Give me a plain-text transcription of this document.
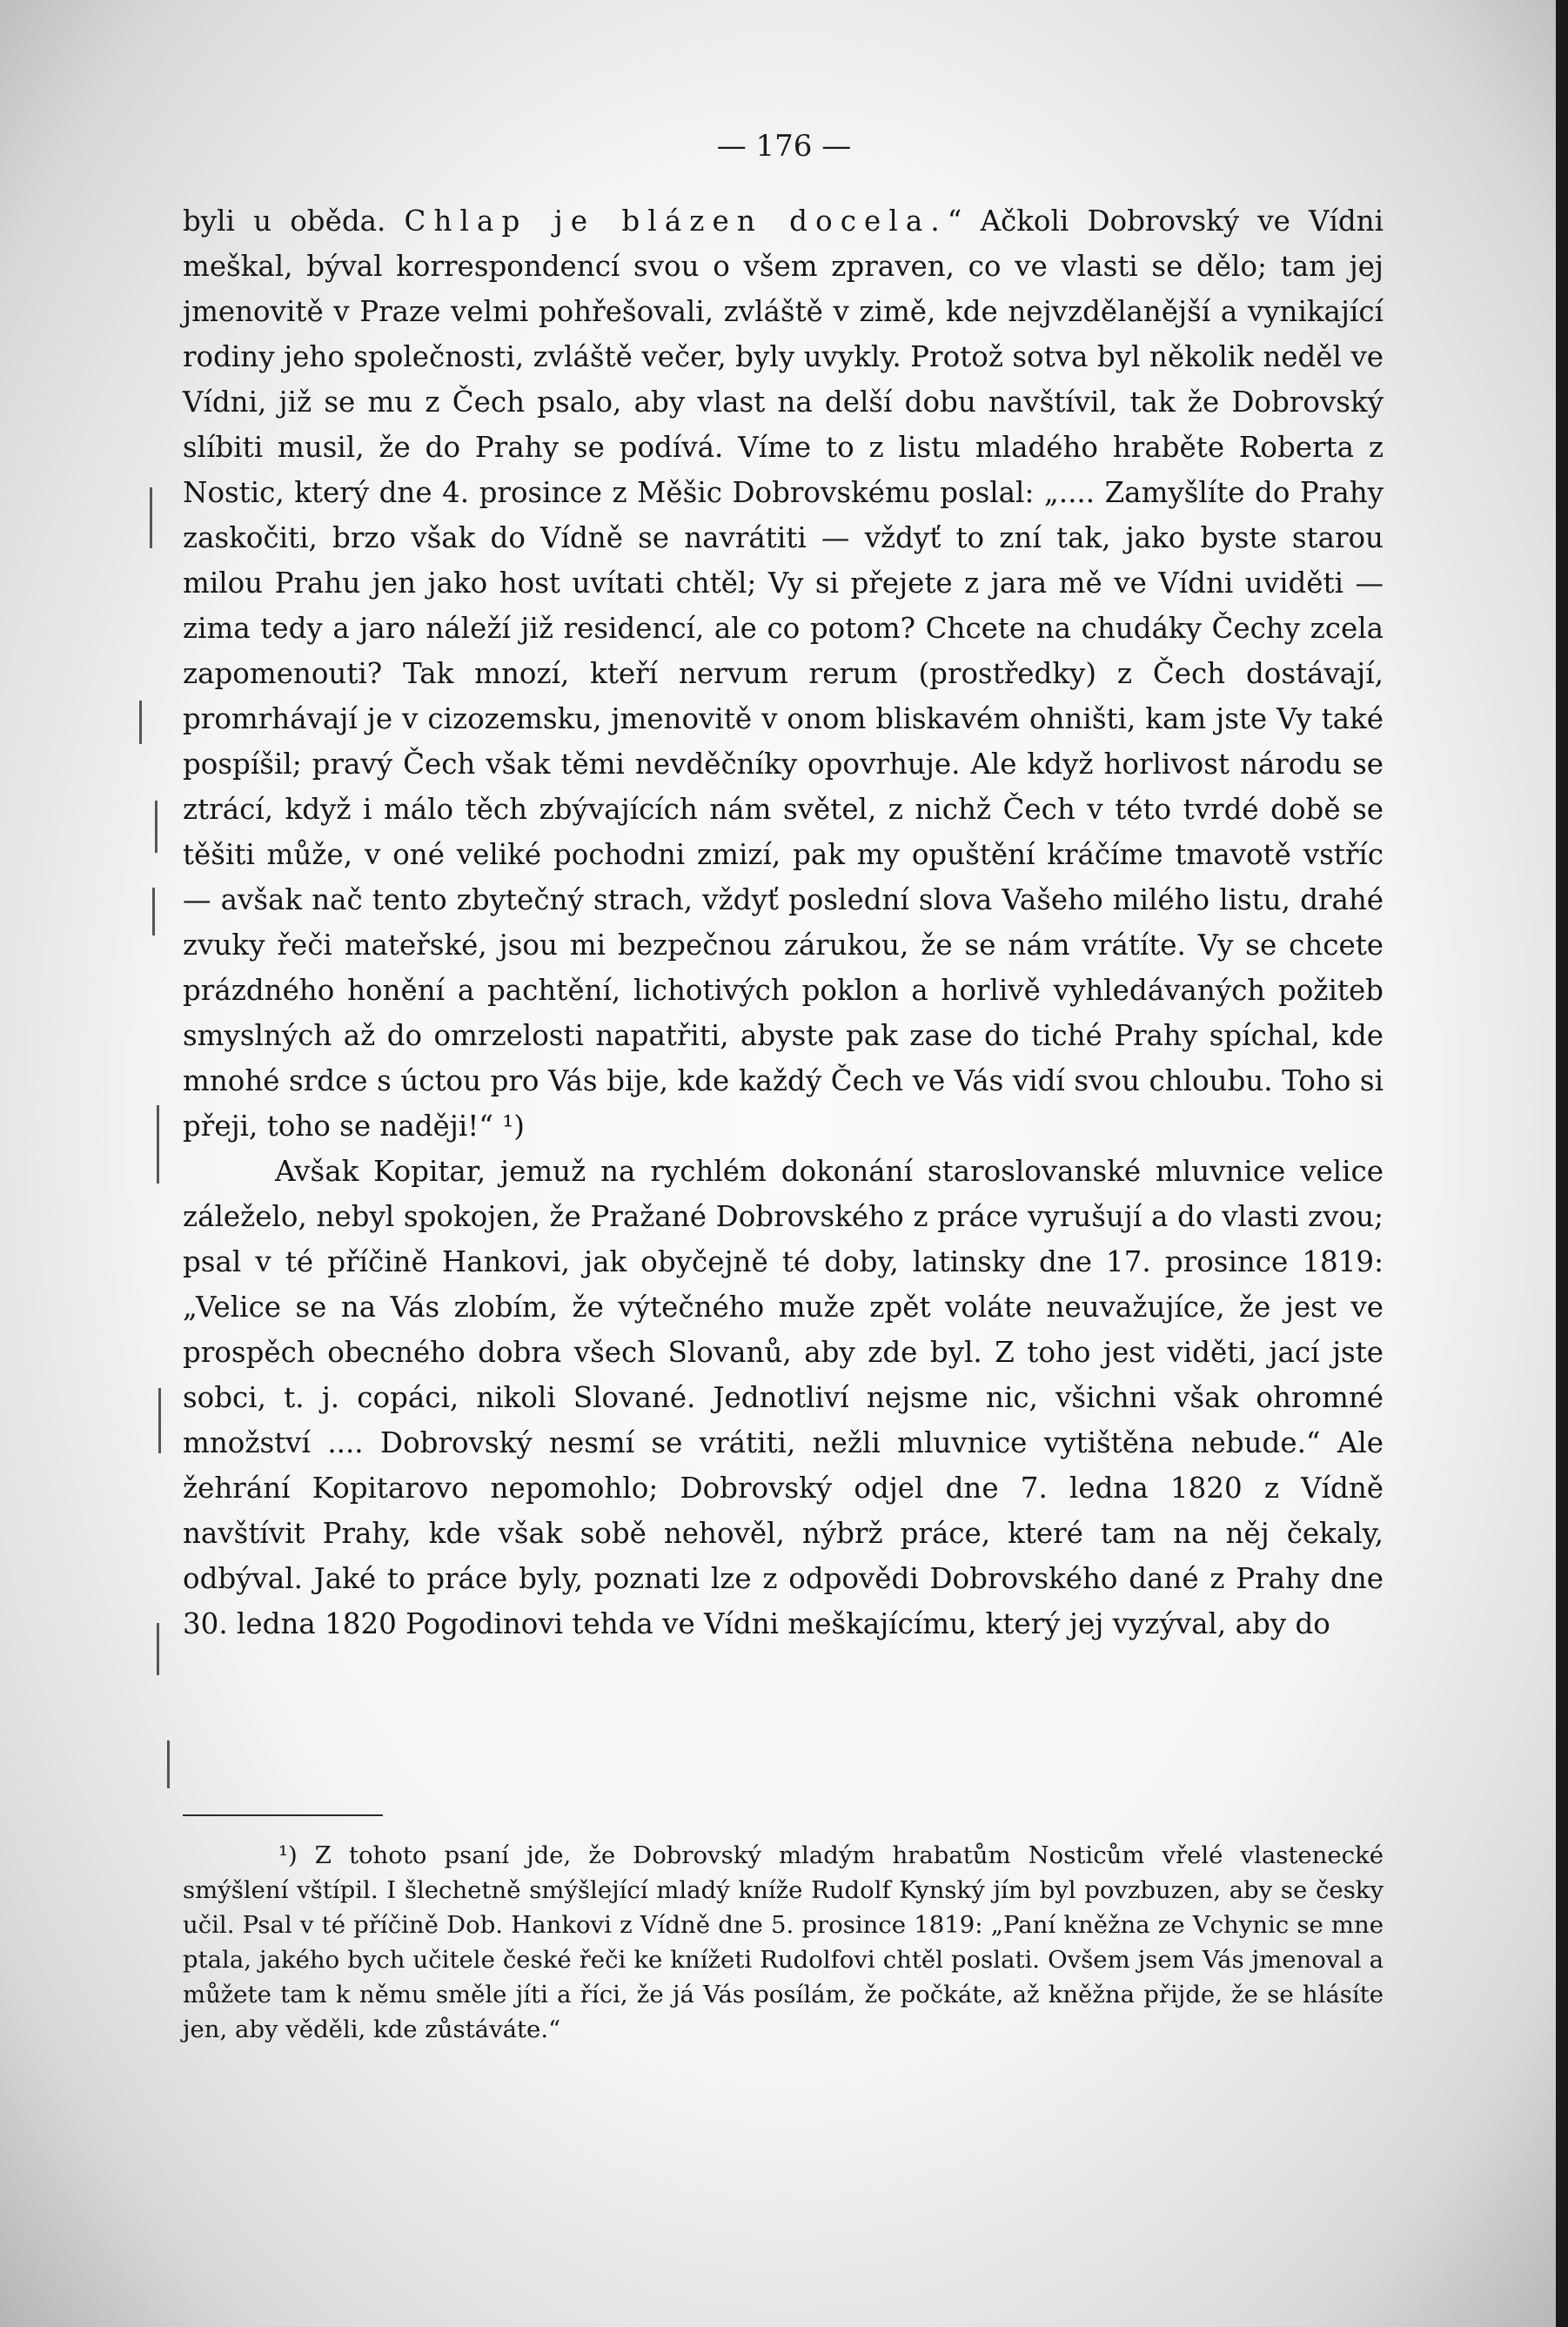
— 176 —

byli u oběda. Chlap je blázen docela.“ Ačkoli Dobrovský ve Vídni meškal, býval korrespondencí svou o všem zpraven, co ve vlasti se dělo; tam jej jmenovitě v Praze velmi pohřešovali, zvláště v zimě, kde nejvzdělanější a vynikající rodiny jeho společnosti, zvláště večer, byly uvykly. Protož sotva byl několik neděl ve Vídni, již se mu z Čech psalo, aby vlast na delší dobu navštívil, tak že Dobrovský slíbiti musil, že do Prahy se podívá. Víme to z listu mladého hraběte Roberta z Nostic, který dne 4. prosince z Měšic Dobrovskému poslal: „.... Zamyšlíte do Prahy zaskočiti, brzo však do Vídně se navrátiti — vždyť to zní tak, jako byste starou milou Prahu jen jako host uvítati chtěl; Vy si přejete z jara mě ve Vídni uviděti — zima tedy a jaro náleží již residencí, ale co potom? Chcete na chudáky Čechy zcela zapomenouti? Tak mnozí, kteří nervum rerum (prostředky) z Čech dostávají, promrhávají je v cizozemsku, jmenovitě v onom bliskavém ohništi, kam jste Vy také pospíšil; pravý Čech však těmi nevděčníky opovrhuje. Ale když horlivost národu se ztrácí, když i málo těch zbývajících nám světel, z nichž Čech v této tvrdé době se těšiti může, v oné veliké pochodni zmizí, pak my opuštění kráčíme tmavotě vstříc — avšak nač tento zbytečný strach, vždyť poslední slova Vašeho milého listu, drahé zvuky řeči mateřské, jsou mi bezpečnou zárukou, že se nám vrátíte. Vy se chcete prázdného honění a pachtění, lichotivých poklon a horlivě vyhledávaných požiteb smyslných až do omrzelosti napatřiti, abyste pak zase do tiché Prahy spíchal, kde mnohé srdce s úctou pro Vás bije, kde každý Čech ve Vás vidí svou chloubu. Toho si přeji, toho se naději!“ ¹)

Avšak Kopitar, jemuž na rychlém dokonání staroslovanské mluvnice velice záleželo, nebyl spokojen, že Pražané Dobrovského z práce vyrušují a do vlasti zvou; psal v té příčině Hankovi, jak obyčejně té doby, latinsky dne 17. prosince 1819: „Velice se na Vás zlobím, že výtečného muže zpět voláte neuvažujíce, že jest ve prospěch obecného dobra všech Slovanů, aby zde byl. Z toho jest viděti, jací jste sobci, t. j. copáci, nikoli Slované. Jednotliví nejsme nic, všichni však ohromné množství .... Dobrovský nesmí se vrátiti, nežli mluvnice vytištěna nebude.“ Ale žehrání Kopitarovo nepomohlo; Dobrovský odjel dne 7. ledna 1820 z Vídně navštívit Prahy, kde však sobě nehověl, nýbrž práce, které tam na něj čekaly, odbýval. Jaké to práce byly, poznati lze z odpovědi Dobrovského dané z Prahy dne 30. ledna 1820 Pogodinovi tehda ve Vídni meškajícímu, který jej vyzýval, aby do

¹) Z tohoto psaní jde, že Dobrovský mladým hrabatům Nosticům vřelé vlastenecké smýšlení vštípil. I šlechetně smýšlející mladý kníže Rudolf Kynský jím byl povzbuzen, aby se česky učil. Psal v té příčině Dob. Hankovi z Vídně dne 5. prosince 1819: „Paní kněžna ze Vchynic se mne ptala, jakého bych učitele české řeči ke knížeti Rudolfovi chtěl poslati. Ovšem jsem Vás jmenoval a můžete tam k němu směle jíti a říci, že já Vás posílám, že počkáte, až kněžna přijde, že se hlásíte jen, aby věděli, kde zůstáváte.“
